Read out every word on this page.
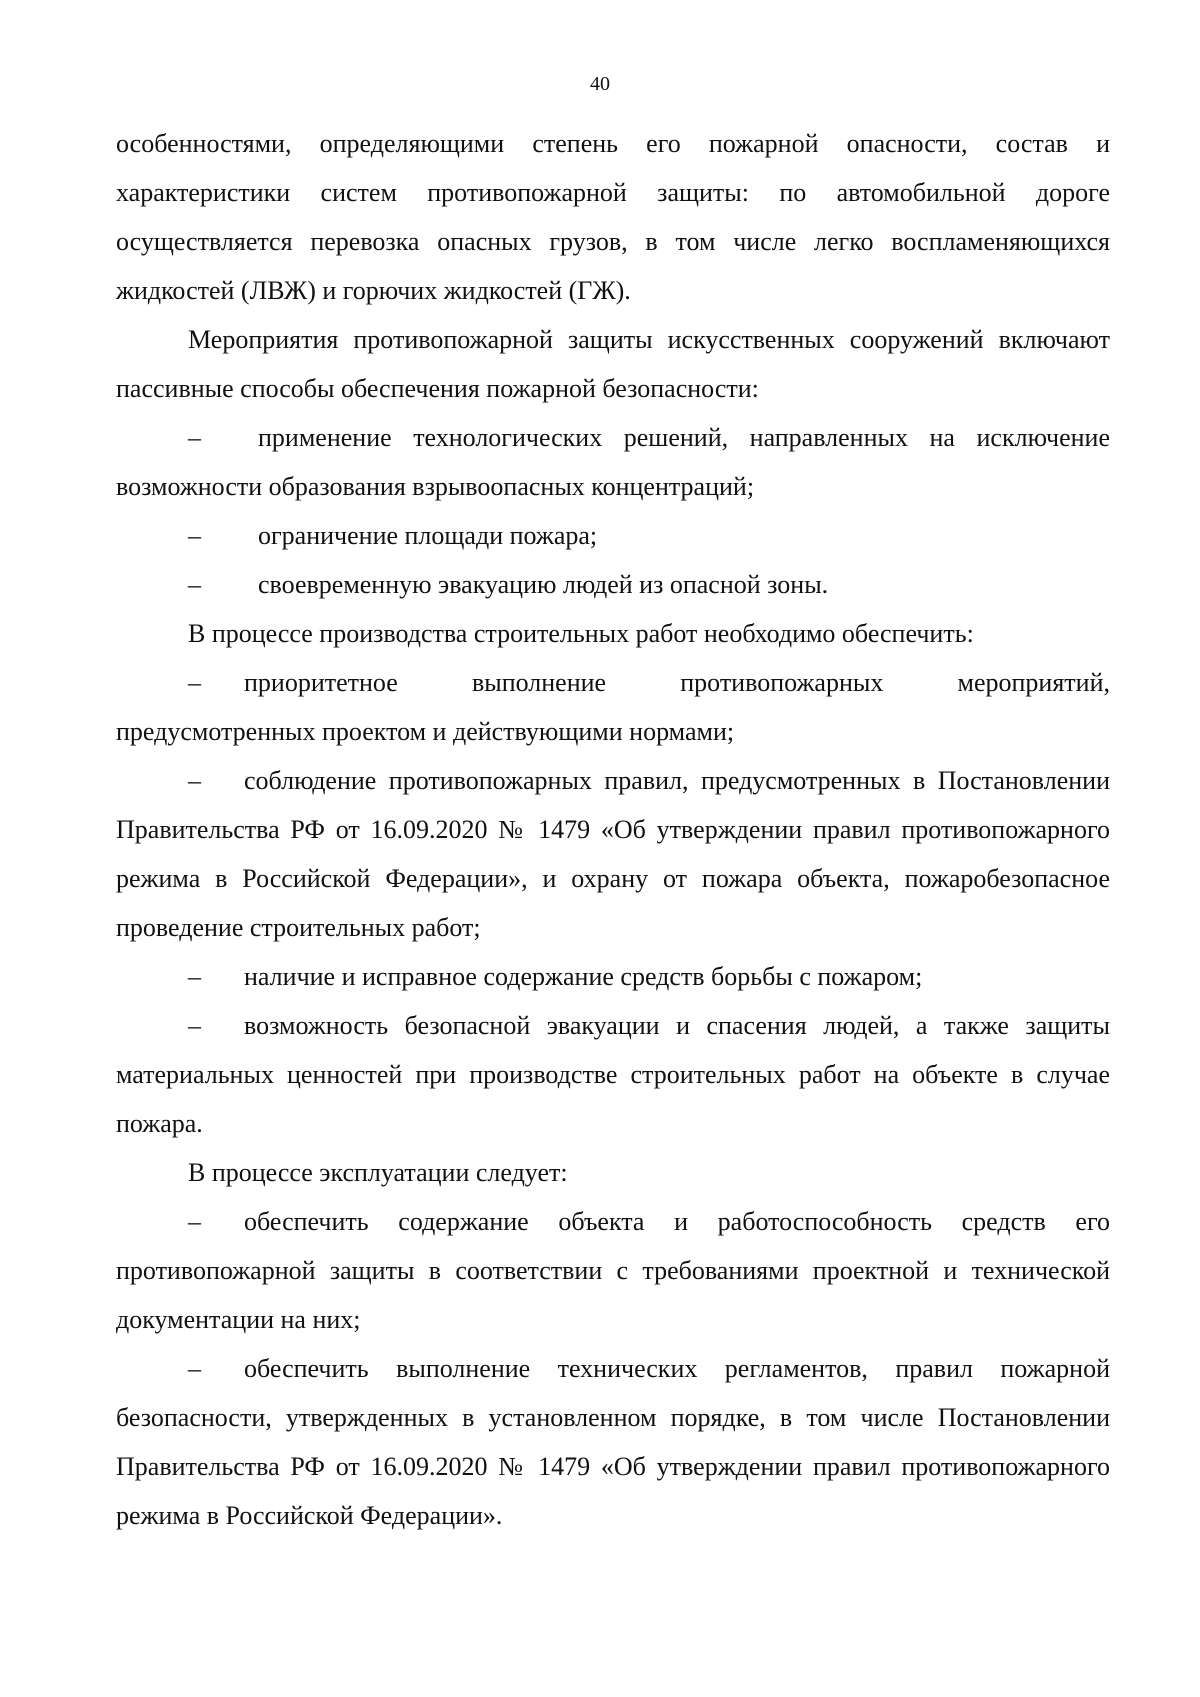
40

особенностями, определяющими степень его пожарной опасности, состав и характеристики систем противопожарной защиты: по автомобильной дороге осуществляется перевозка опасных грузов, в том числе легко воспламеняющихся жидкостей (ЛВЖ) и горючих жидкостей (ГЖ).

Мероприятия противопожарной защиты искусственных сооружений включают пассивные способы обеспечения пожарной безопасности:

– применение технологических решений, направленных на исключение возможности образования взрывоопасных концентраций;

– ограничение площади пожара;

– своевременную эвакуацию людей из опасной зоны.

В процессе производства строительных работ необходимо обеспечить:

– приоритетное выполнение противопожарных мероприятий, предусмотренных проектом и действующими нормами;

– соблюдение противопожарных правил, предусмотренных в Постановлении Правительства РФ от 16.09.2020 № 1479 «Об утверждении правил противопожарного режима в Российской Федерации», и охрану от пожара объекта, пожаробезопасное проведение строительных работ;

– наличие и исправное содержание средств борьбы с пожаром;

– возможность безопасной эвакуации и спасения людей, а также защиты материальных ценностей при производстве строительных работ на объекте в случае пожара.

В процессе эксплуатации следует:

– обеспечить содержание объекта и работоспособность средств его противопожарной защиты в соответствии с требованиями проектной и технической документации на них;

– обеспечить выполнение технических регламентов, правил пожарной безопасности, утвержденных в установленном порядке, в том числе Постановлении Правительства РФ от 16.09.2020 № 1479 «Об утверждении правил противопожарного режима в Российской Федерации».
